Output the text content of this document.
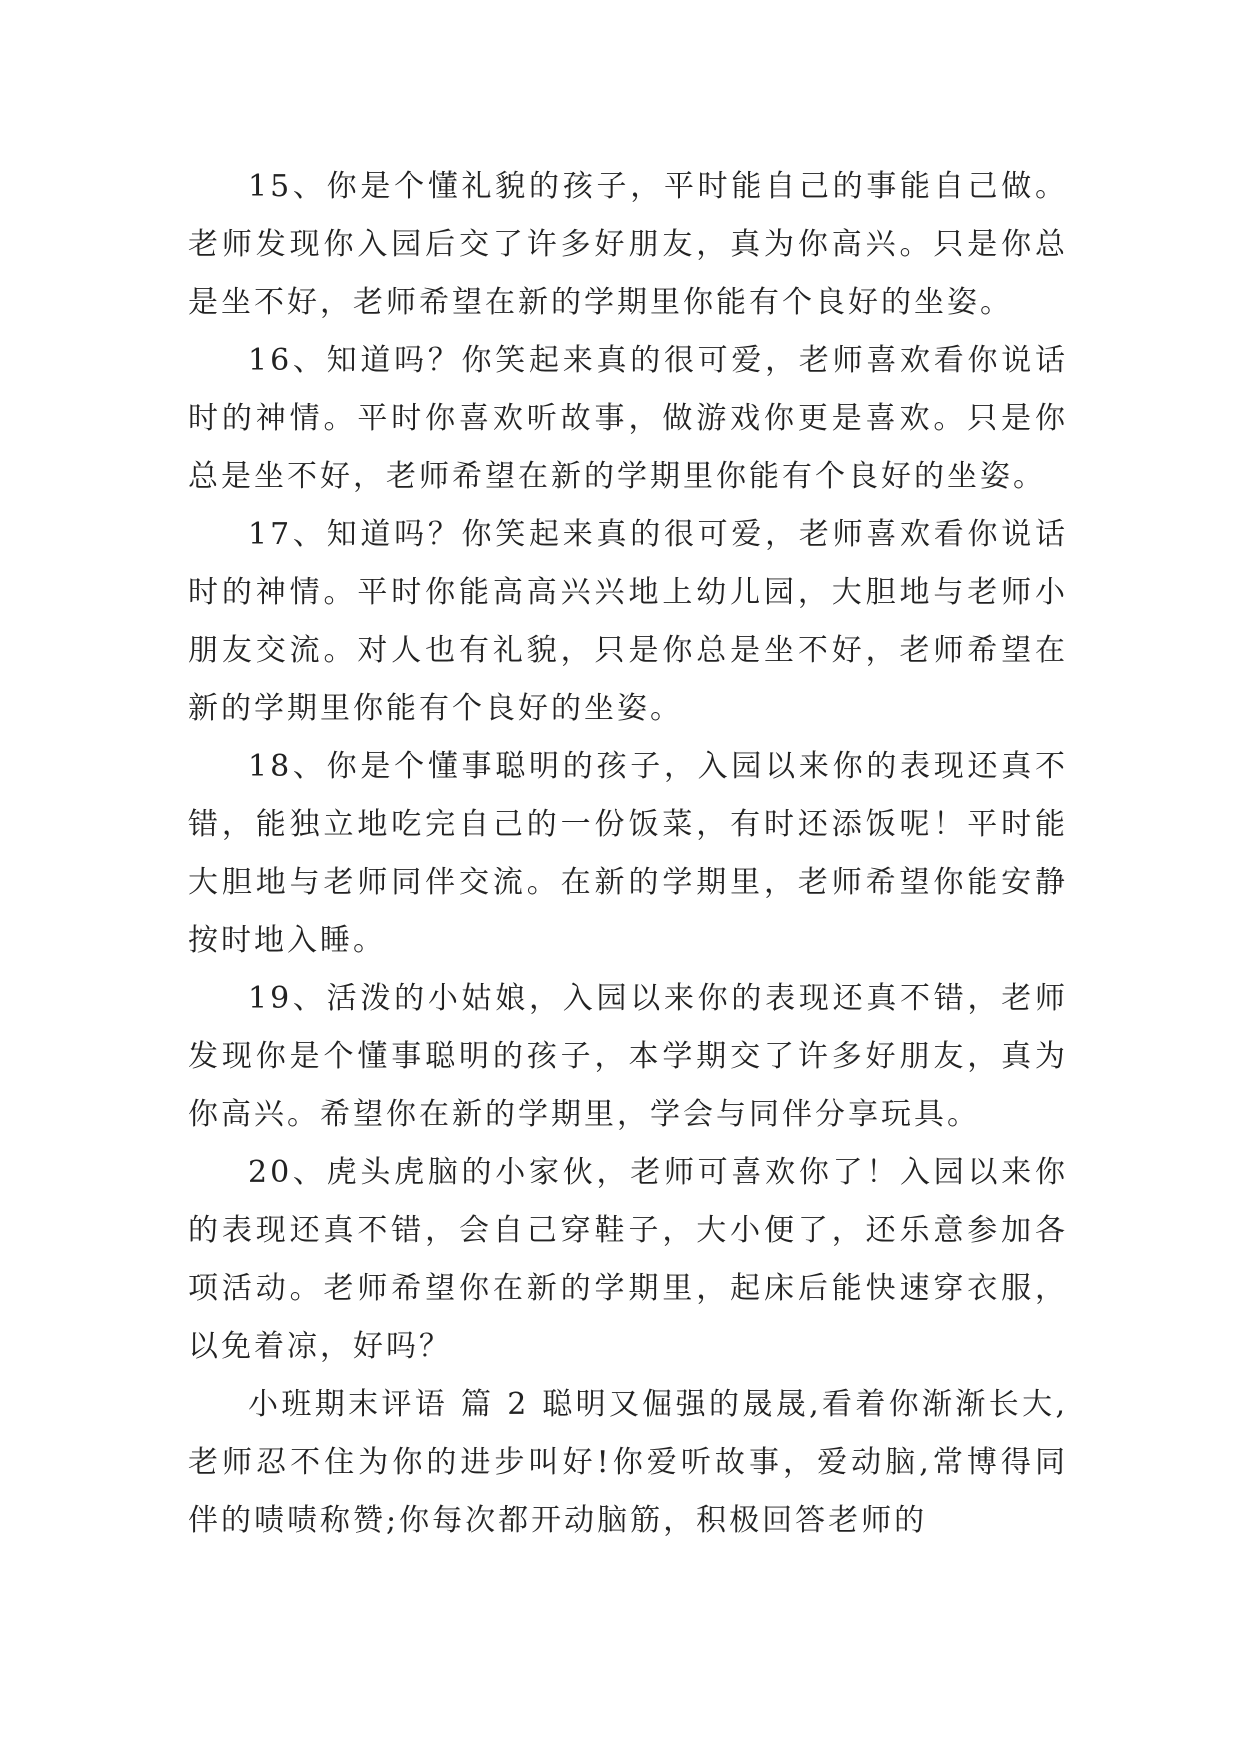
15、你是个懂礼貌的孩子，平时能自己的事能自己做。老师发现你入园后交了许多好朋友，真为你高兴。只是你总是坐不好，老师希望在新的学期里你能有个良好的坐姿。

16、知道吗？你笑起来真的很可爱，老师喜欢看你说话时的神情。平时你喜欢听故事，做游戏你更是喜欢。只是你总是坐不好，老师希望在新的学期里你能有个良好的坐姿。

17、知道吗？你笑起来真的很可爱，老师喜欢看你说话时的神情。平时你能高高兴兴地上幼儿园，大胆地与老师小朋友交流。对人也有礼貌，只是你总是坐不好，老师希望在新的学期里你能有个良好的坐姿。

18、你是个懂事聪明的孩子，入园以来你的表现还真不错，能独立地吃完自己的一份饭菜，有时还添饭呢！平时能大胆地与老师同伴交流。在新的学期里，老师希望你能安静按时地入睡。

19、活泼的小姑娘，入园以来你的表现还真不错，老师发现你是个懂事聪明的孩子，本学期交了许多好朋友，真为你高兴。希望你在新的学期里，学会与同伴分享玩具。

20、虎头虎脑的小家伙，老师可喜欢你了！入园以来你的表现还真不错，会自己穿鞋子，大小便了，还乐意参加各项活动。老师希望你在新的学期里，起床后能快速穿衣服，以免着凉，好吗？

小班期末评语 篇 2 聪明又倔强的晟晟,看着你渐渐长大,老师忍不住为你的进步叫好!你爱听故事，爱动脑,常博得同伴的啧啧称赞;你每次都开动脑筋，积极回答老师的
